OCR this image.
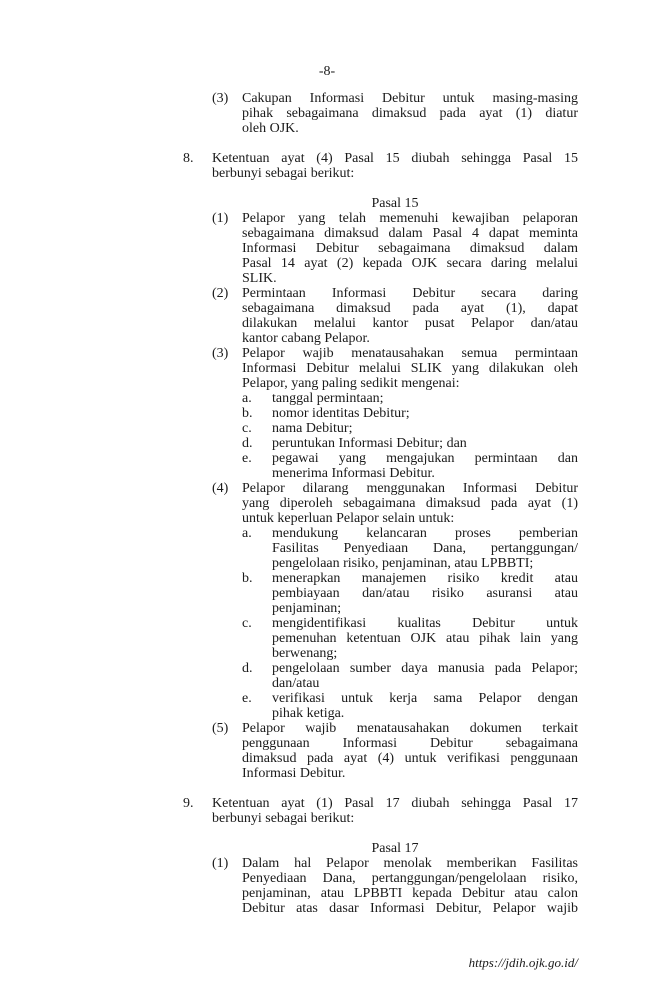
-8-
(3) Cakupan Informasi Debitur untuk masing-masing
pihak sebagaimana dimaksud pada ayat (1) diatur
oleh OJK.
8. Ketentuan ayat (4) Pasal 15 diubah sehingga Pasal 15
berbunyi sebagai berikut:
Pasal 15
(1) Pelapor yang telah memenuhi kewajiban pelaporan
sebagaimana dimaksud dalam Pasal 4 dapat meminta
Informasi Debitur sebagaimana dimaksud dalam
Pasal 14 ayat (2) kepada OJK secara daring melalui
SLIK.
(2) Permintaan Informasi Debitur secara daring
sebagaimana dimaksud pada ayat (1), dapat
dilakukan melalui kantor pusat Pelapor dan/atau
kantor cabang Pelapor.
(3) Pelapor wajib menatausahakan semua permintaan
Informasi Debitur melalui SLIK yang dilakukan oleh
Pelapor, yang paling sedikit mengenai:
a. tanggal permintaan;
b. nomor identitas Debitur;
c. nama Debitur;
d. peruntukan Informasi Debitur; dan
e. pegawai yang mengajukan permintaan dan
menerima Informasi Debitur.
(4) Pelapor dilarang menggunakan Informasi Debitur
yang diperoleh sebagaimana dimaksud pada ayat (1)
untuk keperluan Pelapor selain untuk:
a. mendukung kelancaran proses pemberian
Fasilitas Penyediaan Dana, pertanggungan/
pengelolaan risiko, penjaminan, atau LPBBTI;
b. menerapkan manajemen risiko kredit atau
pembiayaan dan/atau risiko asuransi atau
penjaminan;
c. mengidentifikasi kualitas Debitur untuk
pemenuhan ketentuan OJK atau pihak lain yang
berwenang;
d. pengelolaan sumber daya manusia pada Pelapor;
dan/atau
e. verifikasi untuk kerja sama Pelapor dengan
pihak ketiga.
(5) Pelapor wajib menatausahakan dokumen terkait
penggunaan Informasi Debitur sebagaimana
dimaksud pada ayat (4) untuk verifikasi penggunaan
Informasi Debitur.
9. Ketentuan ayat (1) Pasal 17 diubah sehingga Pasal 17
berbunyi sebagai berikut:
Pasal 17
(1) Dalam hal Pelapor menolak memberikan Fasilitas
Penyediaan Dana, pertanggungan/pengelolaan risiko,
penjaminan, atau LPBBTI kepada Debitur atau calon
Debitur atas dasar Informasi Debitur, Pelapor wajib
https://jdih.ojk.go.id/
